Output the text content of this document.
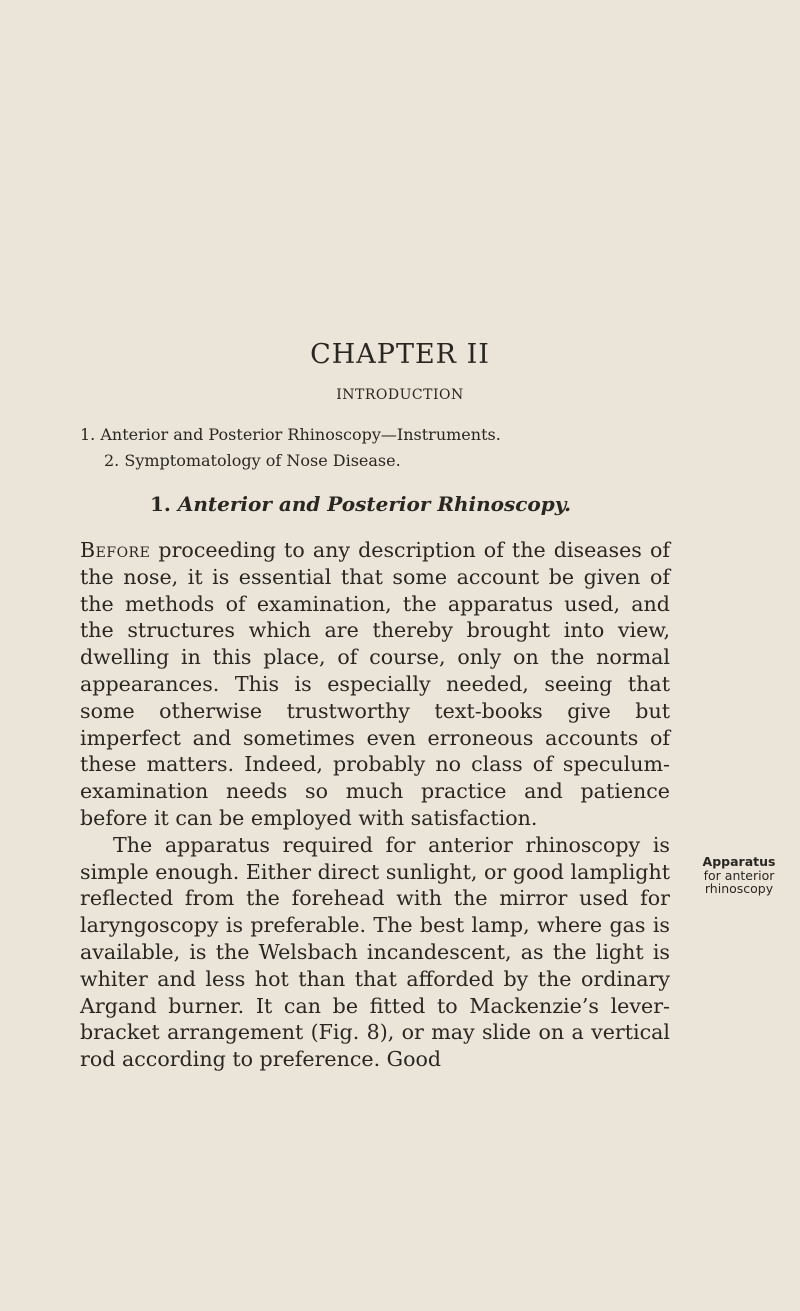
CHAPTER II
INTRODUCTION

1. Anterior and Posterior Rhinoscopy—Instruments.

2. Symptomatology of Nose Disease.

1. Anterior and Posterior Rhinoscopy.

Before proceeding to any description of the diseases of the nose, it is essential that some account be given of the methods of examination, the apparatus used, and the structures which are thereby brought into view, dwelling in this place, of course, only on the normal appearances. This is especially needed, seeing that some otherwise trustworthy text-books give but imperfect and sometimes even erroneous accounts of these matters. Indeed, probably no class of speculum-examination needs so much practice and patience before it can be employed with satisfaction.

The apparatus required for anterior rhinoscopy is simple enough. Either direct sunlight, or good lamplight reflected from the forehead with the mirror used for laryngoscopy is preferable. The best lamp, where gas is available, is the Welsbach incandescent, as the light is whiter and less hot than that afforded by the ordinary Argand burner. It can be fitted to Mackenzie’s lever-bracket arrangement (Fig. 8), or may slide on a vertical rod according to preference. Good

Apparatus
for anterior
rhinoscopy
